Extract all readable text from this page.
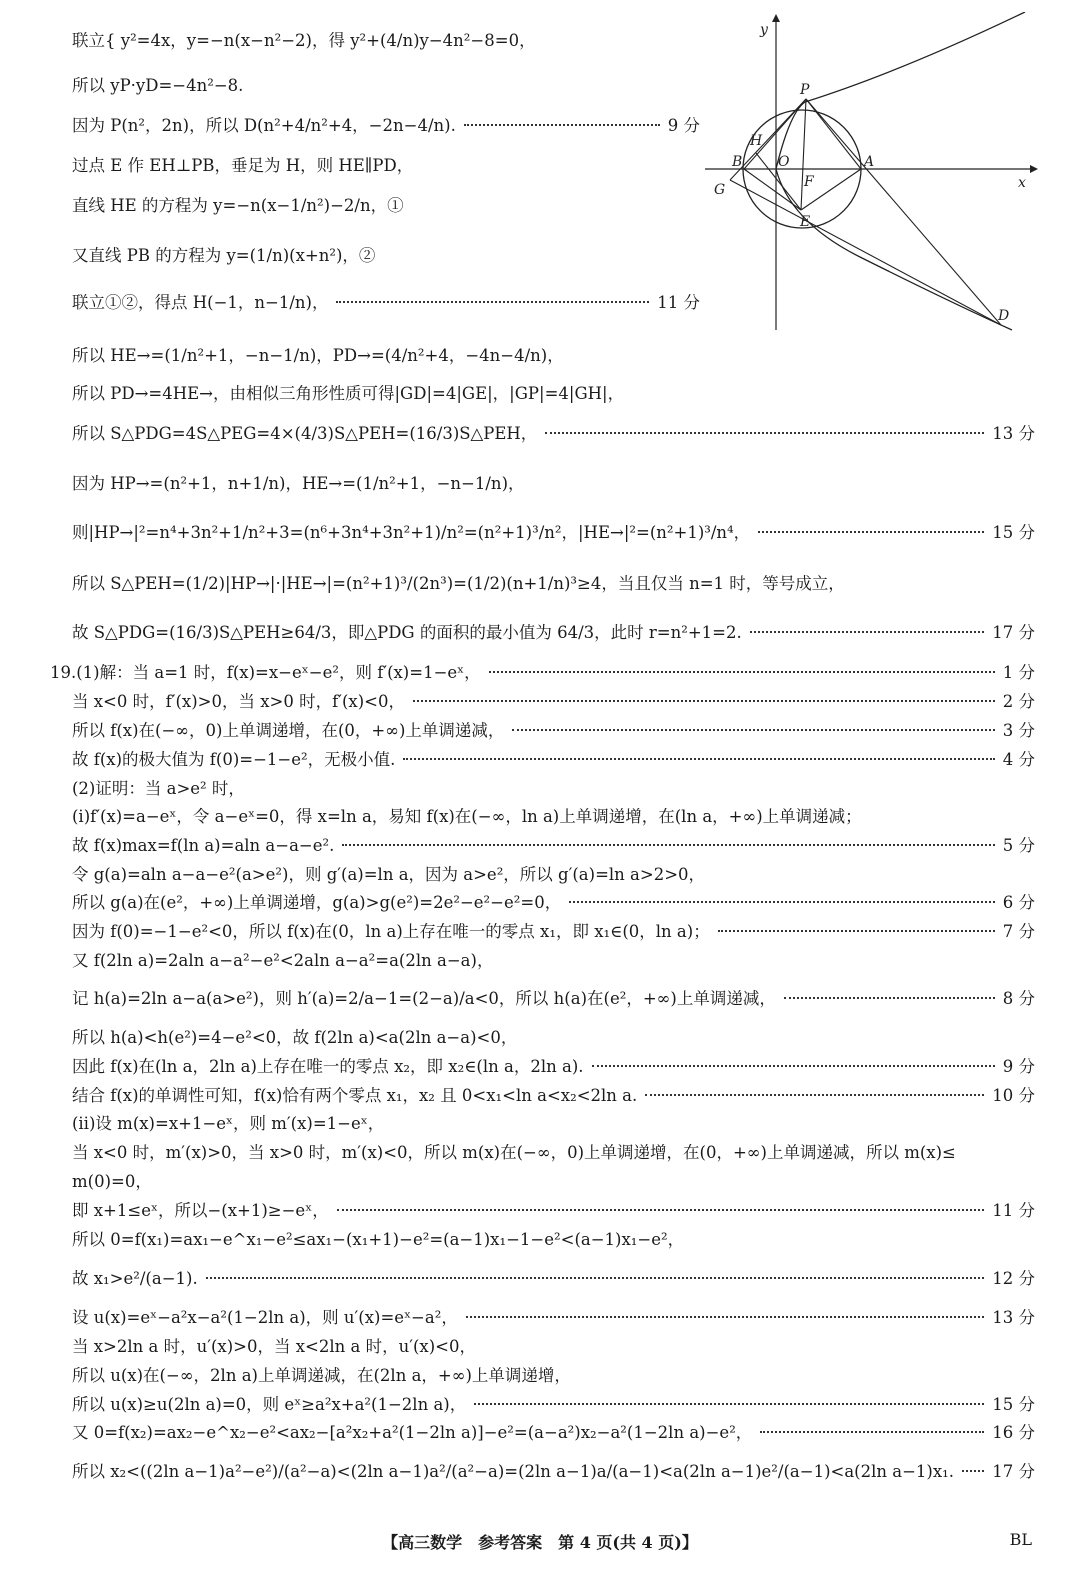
联立{ y²=4x，y=−n(x−n²−2)，得 y²+(4/n)y−4n²−8=0，
所以 yP·yD=−4n²−8.
因为 P(n²，2n)，所以 D(n²+4/n²+4，−2n−4/n).	9 分
过点 E 作 EH⊥PB，垂足为 H，则 HE∥PD，
直线 HE 的方程为 y=−n(x−1/n²)−2/n，①
又直线 PB 的方程为 y=(1/n)(x+n²)，②
联立①②，得点 H(−1，n−1/n)，	11 分
所以 HE→=(1/n²+1，−n−1/n)，PD→=(4/n²+4，−4n−4/n)，
所以 PD→=4HE→，由相似三角形性质可得|GD|=4|GE|，|GP|=4|GH|，
所以 S△PDG=4S△PEG=4×(4/3)S△PEH=(16/3)S△PEH，	13 分
因为 HP→=(n²+1，n+1/n)，HE→=(1/n²+1，−n−1/n)，
则|HP→|²=n⁴+3n²+1/n²+3=(n⁶+3n⁴+3n²+1)/n²=(n²+1)³/n²，|HE→|²=(n²+1)³/n⁴，	15 分
所以 S△PEH=(1/2)|HP→|·|HE→|=(n²+1)³/(2n³)=(1/2)(n+1/n)³≥4，当且仅当 n=1 时，等号成立，
故 S△PDG=(16/3)S△PEH≥64/3，即△PDG 的面积的最小值为 64/3，此时 r=n²+1=2.	17 分
19.(1)解：当 a=1 时，f(x)=x−eˣ−e²，则 f′(x)=1−eˣ，	1 分
当 x<0 时，f′(x)>0，当 x>0 时，f′(x)<0，	2 分
所以 f(x)在(−∞，0)上单调递增，在(0，+∞)上单调递减，	3 分
故 f(x)的极大值为 f(0)=−1−e²，无极小值.	4 分
(2)证明：当 a>e² 时，
(ⅰ)f′(x)=a−eˣ，令 a−eˣ=0，得 x=ln a，易知 f(x)在(−∞，ln a)上单调递增，在(ln a，+∞)上单调递减；
故 f(x)max=f(ln a)=aln a−a−e².	5 分
令 g(a)=aln a−a−e²(a>e²)，则 g′(a)=ln a，因为 a>e²，所以 g′(a)=ln a>2>0，
所以 g(a)在(e²，+∞)上单调递增，g(a)>g(e²)=2e²−e²−e²=0，	6 分
因为 f(0)=−1−e²<0，所以 f(x)在(0，ln a)上存在唯一的零点 x₁，即 x₁∈(0，ln a)；	7 分
又 f(2ln a)=2aln a−a²−e²<2aln a−a²=a(2ln a−a)，
记 h(a)=2ln a−a(a>e²)，则 h′(a)=2/a−1=(2−a)/a<0，所以 h(a)在(e²，+∞)上单调递减，	8 分
所以 h(a)<h(e²)=4−e²<0，故 f(2ln a)<a(2ln a−a)<0，
因此 f(x)在(ln a，2ln a)上存在唯一的零点 x₂，即 x₂∈(ln a，2ln a).	9 分
结合 f(x)的单调性可知，f(x)恰有两个零点 x₁，x₂ 且 0<x₁<ln a<x₂<2ln a.	10 分
(ⅱ)设 m(x)=x+1−eˣ，则 m′(x)=1−eˣ，
当 x<0 时，m′(x)>0，当 x>0 时，m′(x)<0，所以 m(x)在(−∞，0)上单调递增，在(0，+∞)上单调递减，所以 m(x)≤
m(0)=0，
即 x+1≤eˣ，所以−(x+1)≥−eˣ，	11 分
所以 0=f(x₁)=ax₁−e^x₁−e²≤ax₁−(x₁+1)−e²=(a−1)x₁−1−e²<(a−1)x₁−e²，
故 x₁>e²/(a−1).	12 分
设 u(x)=eˣ−a²x−a²(1−2ln a)，则 u′(x)=eˣ−a²，	13 分
当 x>2ln a 时，u′(x)>0，当 x<2ln a 时，u′(x)<0，
所以 u(x)在(−∞，2ln a)上单调递减，在(2ln a，+∞)上单调递增，
所以 u(x)≥u(2ln a)=0，则 eˣ≥a²x+a²(1−2ln a)，	15 分
又 0=f(x₂)=ax₂−e^x₂−e²<ax₂−[a²x₂+a²(1−2ln a)]−e²=(a−a²)x₂−a²(1−2ln a)−e²，	16 分
所以 x₂<((2ln a−1)a²−e²)/(a²−a)<(2ln a−1)a²/(a²−a)=(2ln a−1)a/(a−1)<a(2ln a−1)e²/(a−1)<a(2ln a−1)x₁. 17 分
y
x
P
H
B	O	A
F
G
E
D
【高三数学　参考答案　第 4 页(共 4 页)】	BL
